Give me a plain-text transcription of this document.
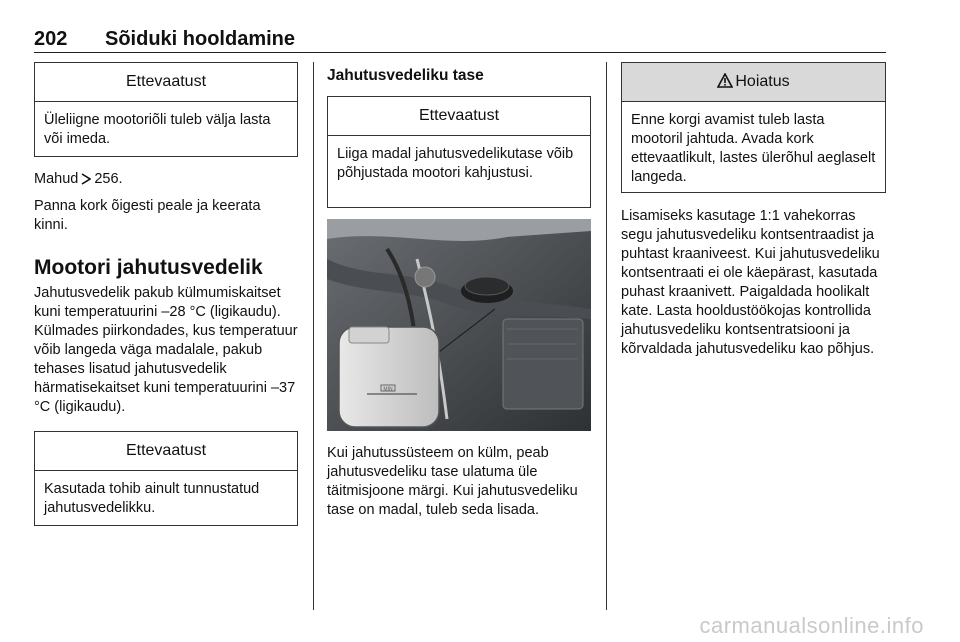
202 Sõiduki hooldamine
Ettevaatust
Üleliigne mootoriõli tuleb välja lasta või imeda.

Mahud 256.

Panna kork õigesti peale ja keerata kinni.

Mootori jahutusvedelik

Jahutusvedelik pakub külmumiskaitset kuni temperatuurini –28 °C (ligikaudu). Külmades piirkondades, kus temperatuur võib langeda väga madalale, pakub tehases lisatud jahutusvedelik härmatisekaitset kuni temperatuurini –37 °C (ligikaudu).

Ettevaatust
Kasutada tohib ainult tunnustatud jahutusvedelikku.
Jahutusvedeliku tase
Ettevaatust
Liiga madal jahutusvedelikutase võib põhjustada mootori kahjustusi.
MIN

Kui jahutussüsteem on külm, peab jahutusvedeliku tase ulatuma üle täitmisjoone märgi. Kui jahutusvedeliku tase on madal, tuleb seda lisada.

Hoiatus
Enne korgi avamist tuleb lasta mootoril jahtuda. Avada kork ettevaatlikult, lastes ülerõhul aeglaselt langeda.

Lisamiseks kasutage 1:1 vahekorras segu jahutusvedeliku kontsentraadist ja puhtast kraaniveest. Kui jahutusvedeliku kontsentraati ei ole käepärast, kasutada puhast kraanivett. Paigaldada hoolikalt kate. Lasta hooldustöökojas kontrollida jahutusvedeliku kontsentratsiooni ja kõrvaldada jahutusvedeliku kao põhjus.

carmanualsonline.info
